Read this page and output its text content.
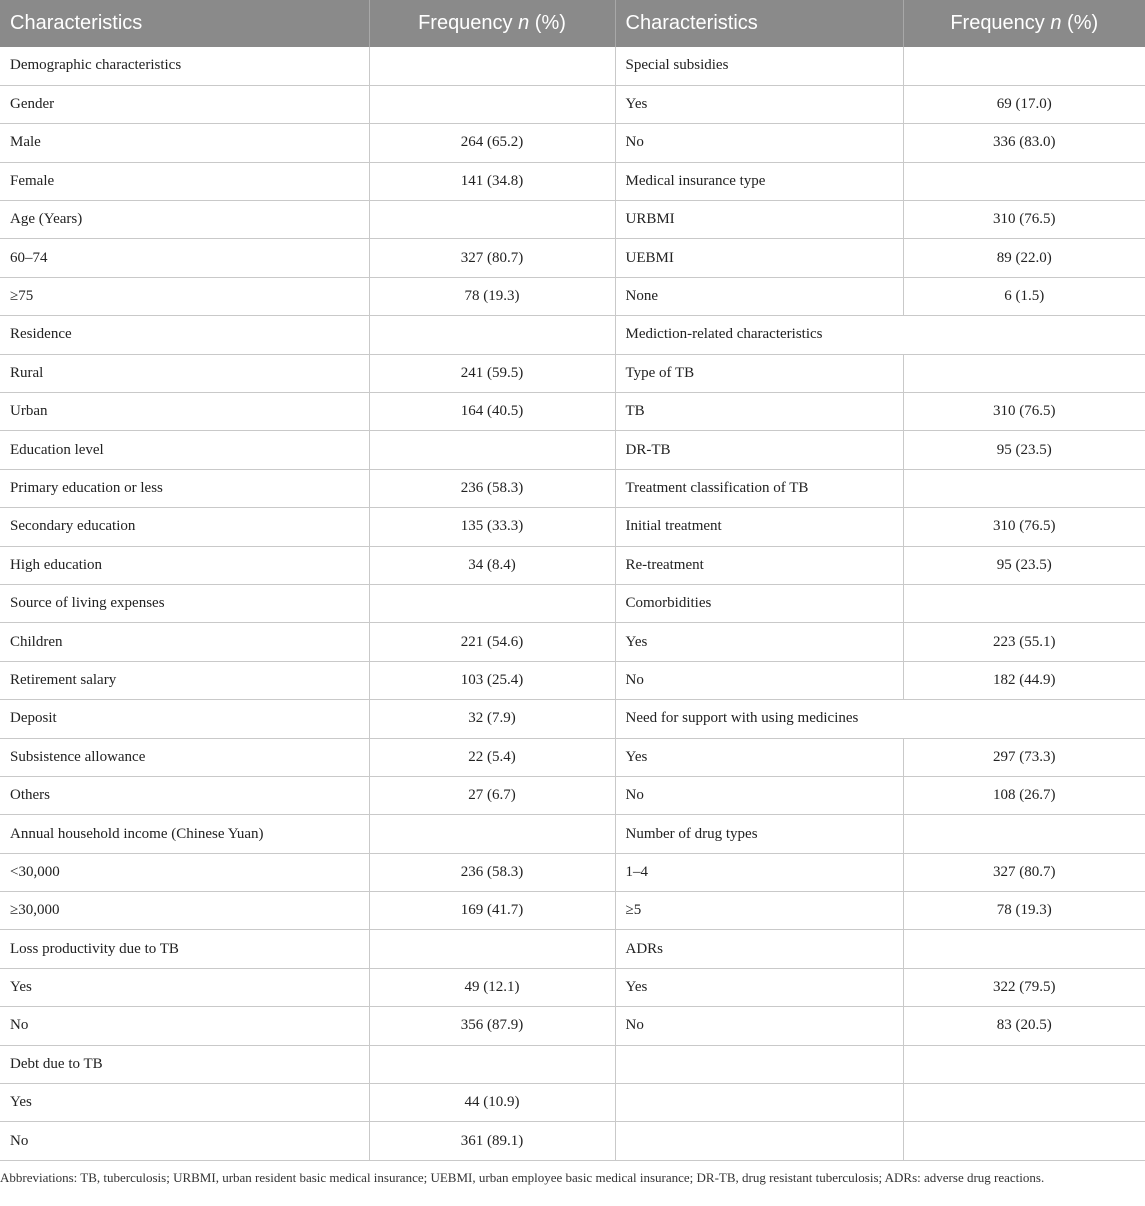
Characteristics	Frequency n (%)	Characteristics	Frequency n (%)
Demographic characteristics		Special subsidies	
Gender		Yes	69 (17.0)
Male	264 (65.2)	No	336 (83.0)
Female	141 (34.8)	Medical insurance type	
Age (Years)		URBMI	310 (76.5)
60–74	327 (80.7)	UEBMI	89 (22.0)
≥75	78 (19.3)	None	6 (1.5)
Residence		Mediction-related characteristics	
Rural	241 (59.5)	Type of TB	
Urban	164 (40.5)	TB	310 (76.5)
Education level		DR-TB	95 (23.5)
Primary education or less	236 (58.3)	Treatment classification of TB	
Secondary education	135 (33.3)	Initial treatment	310 (76.5)
High education	34 (8.4)	Re-treatment	95 (23.5)
Source of living expenses		Comorbidities	
Children	221 (54.6)	Yes	223 (55.1)
Retirement salary	103 (25.4)	No	182 (44.9)
Deposit	32 (7.9)	Need for support with using medicines	
Subsistence allowance	22 (5.4)	Yes	297 (73.3)
Others	27 (6.7)	No	108 (26.7)
Annual household income (Chinese Yuan)		Number of drug types	
<30,000	236 (58.3)	1–4	327 (80.7)
≥30,000	169 (41.7)	≥5	78 (19.3)
Loss productivity due to TB		ADRs	
Yes	49 (12.1)	Yes	322 (79.5)
No	356 (87.9)	No	83 (20.5)
Debt due to TB			
Yes	44 (10.9)		
No	361 (89.1)		
Abbreviations: TB, tuberculosis; URBMI, urban resident basic medical insurance; UEBMI, urban employee basic medical insurance; DR-TB, drug resistant tuberculosis; ADRs: adverse drug reactions.
